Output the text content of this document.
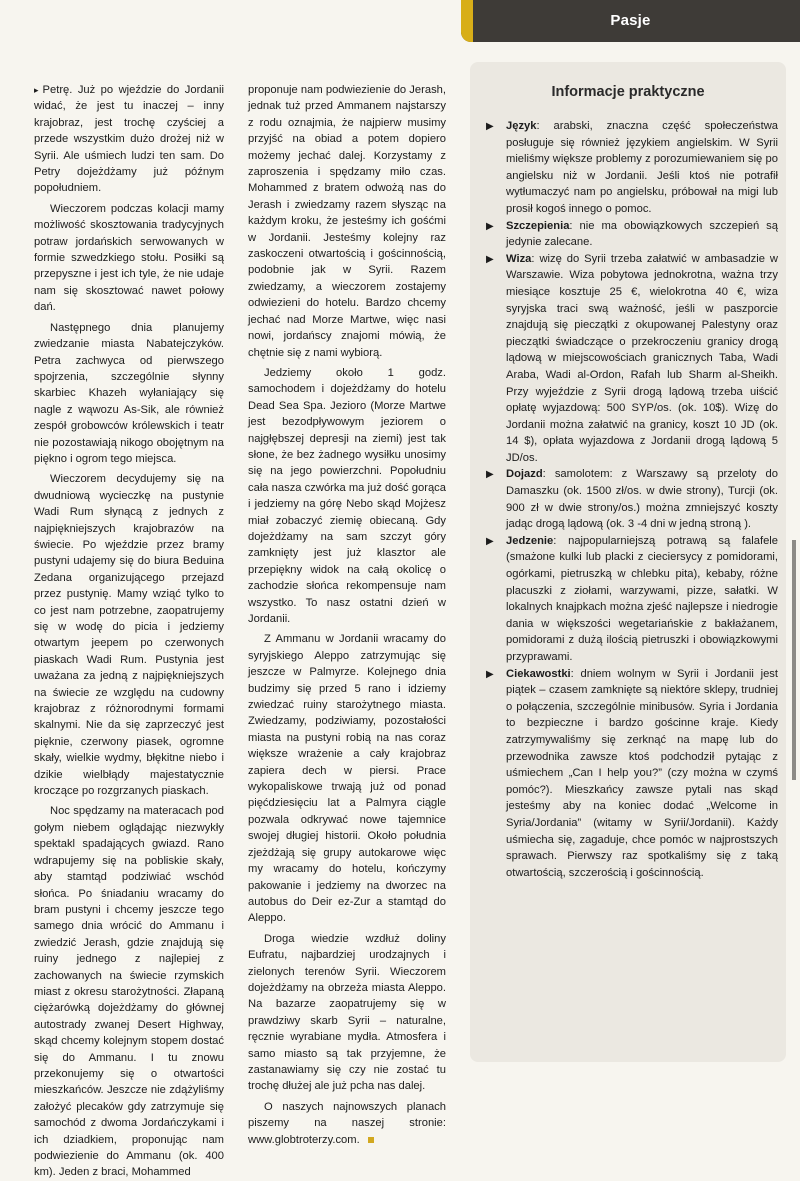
Pasje

▸ Petrę. Już po wjeździe do Jordanii widać, że jest tu inaczej – inny krajobraz, jest trochę czyściej a przede wszystkim dużo drożej niż w Syrii. Ale uśmiech ludzi ten sam. Do Petry dojeżdżamy już późnym popołudniem.

Wieczorem podczas kolacji mamy możliwość skosztowania tradycyjnych potraw jordańskich serwowanych w formie szwedzkiego stołu. Posiłki są przepyszne i jest ich tyle, że nie udaje nam się skosztować nawet połowy dań.

Następnego dnia planujemy zwiedzanie miasta Nabatejczyków. Petra zachwyca od pierwszego spojrzenia, szczególnie słynny skarbiec Khazeh wyłaniający się nagle z wąwozu As-Sik, ale również zespół grobowców królewskich i teatr nie pozostawiają nikogo obojętnym na piękno i ogrom tego miejsca.

Wieczorem decydujemy się na dwudniową wycieczkę na pustynie Wadi Rum słynącą z jednych z najpiękniejszych krajobrazów na świecie. Po wjeździe przez bramy pustyni udajemy się do biura Beduina Zedana organizującego przejazd przez pustynię. Mamy wziąć tylko to co jest nam potrzebne, zaopatrujemy się w wodę do picia i jedziemy otwartym jeepem po czerwonych piaskach Wadi Rum. Pustynia jest uważana za jedną z najpiękniejszych na świecie ze względu na cudowny krajobraz z różnorodnymi formami skalnymi. Nie da się zaprzeczyć jest pięknie, czerwony piasek, ogromne skały, wielkie wydmy, błękitne niebo i dzikie wielbłądy majestatycznie kroczące po rozgrzanych piaskach.

Noc spędzamy na materacach pod gołym niebem oglądając niezwykły spektakl spadających gwiazd. Rano wdrapujemy się na pobliskie skały, aby stamtąd podziwiać wschód słońca. Po śniadaniu wracamy do bram pustyni i chcemy jeszcze tego samego dnia wrócić do Ammanu i zwiedzić Jerash, gdzie znajdują się ruiny jednego z najlepiej z zachowanych na świecie rzymskich miast z okresu starożytności. Złapaną ciężarówką dojeżdżamy do głównej autostrady zwanej Desert Highway, skąd chcemy kolejnym stopem dostać się do Ammanu. I tu znowu przekonujemy się o otwartości mieszkańców. Jeszcze nie zdążyliśmy założyć plecaków gdy zatrzymuje się samochód z dwoma Jordańczykami i ich dziadkiem, proponując nam podwiezienie do Ammanu (ok. 400 km). Jeden z braci, Mohammed

proponuje nam podwiezienie do Jerash, jednak tuż przed Ammanem najstarszy z rodu oznajmia, że najpierw musimy przyjść na obiad a potem dopiero możemy jechać dalej. Korzystamy z zaproszenia i spędzamy miło czas. Mohammed z bratem odwożą nas do Jerash i zwiedzamy razem słysząc na każdym kroku, że jesteśmy ich gośćmi w Jordanii. Jesteśmy kolejny raz zaskoczeni otwartością i gościnnością, podobnie jak w Syrii. Razem zwiedzamy, a wieczorem zostajemy odwiezieni do hotelu. Bardzo chcemy jechać nad Morze Martwe, więc nasi nowi, jordańscy znajomi mówią, że chętnie się z nami wybiorą.

Jedziemy około 1 godz. samochodem i dojeżdżamy do hotelu Dead Sea Spa. Jezioro (Morze Martwe jest bezodpływowym jeziorem o najgłębszej depresji na ziemi) jest tak słone, że bez żadnego wysiłku unosimy się na jego powierzchni. Popołudniu cała nasza czwórka ma już dość gorąca i jedziemy na górę Nebo skąd Mojżesz miał zobaczyć ziemię obiecaną. Gdy dojeżdżamy na sam szczyt góry zamknięty jest już klasztor ale przepiękny widok na całą okolicę o zachodzie słońca rekompensuje nam wszystko. To nasz ostatni dzień w Jordanii.

Z Ammanu w Jordanii wracamy do syryjskiego Aleppo zatrzymując się jeszcze w Palmyrze. Kolejnego dnia budzimy się przed 5 rano i idziemy zwiedzać ruiny starożytnego miasta. Zwiedzamy, podziwiamy, pozostałości miasta na pustyni robią na nas coraz większe wrażenie a cały krajobraz zapiera dech w piersi. Prace wykopaliskowe trwają już od ponad pięćdziesięciu lat a Palmyra ciągle pozwala odkrywać nowe tajemnice swojej długiej historii. Około południa zjeżdżają się grupy autokarowe więc my wracamy do hotelu, kończymy pakowanie i jedziemy na dworzec na autobus do Deir ez-Zur a stamtąd do Aleppo.

Droga wiedzie wzdłuż doliny Eufratu, najbardziej urodzajnych i zielonych terenów Syrii. Wieczorem dojeżdżamy na obrzeża miasta Aleppo. Na bazarze zaopatrujemy się w prawdziwy skarb Syrii – naturalne, ręcznie wyrabiane mydła. Atmosfera i samo miasto są tak przyjemne, że zastanawiamy się czy nie zostać tu trochę dłużej ale już pcha nas dalej.

O naszych najnowszych planach piszemy na naszej stronie: www.globtroterzy.com.

Informacje praktyczne
▶	Język: arabski, znaczna część społeczeństwa posługuje się również językiem angielskim. W Syrii mieliśmy większe problemy z porozumiewaniem się po angielsku niż w Jordanii. Jeśli ktoś nie potrafił wytłumaczyć nam po angielsku, próbował na migi lub prosił kogoś innego o pomoc.
▶	Szczepienia: nie ma obowiązkowych szczepień są jedynie zalecane.
▶	Wiza: wizę do Syrii trzeba załatwić w ambasadzie w Warszawie. Wiza pobytowa jednokrotna, ważna trzy miesiące kosztuje 25 €, wielokrotna 40 €, wiza syryjska traci swą ważność, jeśli w paszporcie znajdują się pieczątki z okupowanej Palestyny oraz pieczątki świadczące o przekroczeniu granicy drogą lądową w miejscowościach granicznych Taba, Wadi Araba, Wadi al-Ordon, Rafah lub Sharm al-Sheikh. Przy wyjeździe z Syrii drogą lądową trzeba uiścić opłatę wyjazdową: 500 SYP/os. (ok. 10$). Wizę do Jordanii można załatwić na granicy, koszt 10 JD (ok. 14 $), opłata wyjazdowa z Jordanii drogą lądową 5 JD/os.
▶	Dojazd: samolotem: z Warszawy są przeloty do Damaszku (ok. 1500 zł/os. w dwie strony), Turcji (ok. 900 zł w dwie strony/os.) można zmniejszyć koszty jadąc drogą lądową (ok. 3 -4 dni w jedną stroną ).
▶	Jedzenie: najpopularniejszą potrawą są falafele (smażone kulki lub placki z cieciersycy z pomidorami, ogórkami, pietruszką w chlebku pita), kebaby, różne placuszki z ziołami, warzywami, pizze, sałatki. W lokalnych knajpkach można zjeść najlepsze i niedrogie dania w większości wegetariańskie z bakłażanem, pomidorami z dużą ilością pietruszki i obowiązkowymi przyprawami.
▶	Ciekawostki: dniem wolnym w Syrii i Jordanii jest piątek – czasem zamknięte są niektóre sklepy, trudniej o połączenia, szczególnie minibusów. Syria i Jordania to bezpieczne i bardzo gościnne kraje. Kiedy zatrzymywaliśmy się zerknąć na mapę lub do przewodnika zawsze ktoś podchodził pytając z uśmiechem „Can I help you?” (czy można w czymś pomóc?). Mieszkańcy zawsze pytali nas skąd jesteśmy aby na koniec dodać „Welcome in Syria/Jordania” (witamy w Syrii/Jordanii). Każdy uśmiecha się, zagaduje, chce pomóc w najprostszych sprawach. Pierwszy raz spotkaliśmy się z taką otwartością, szczerością i gościnnością.
